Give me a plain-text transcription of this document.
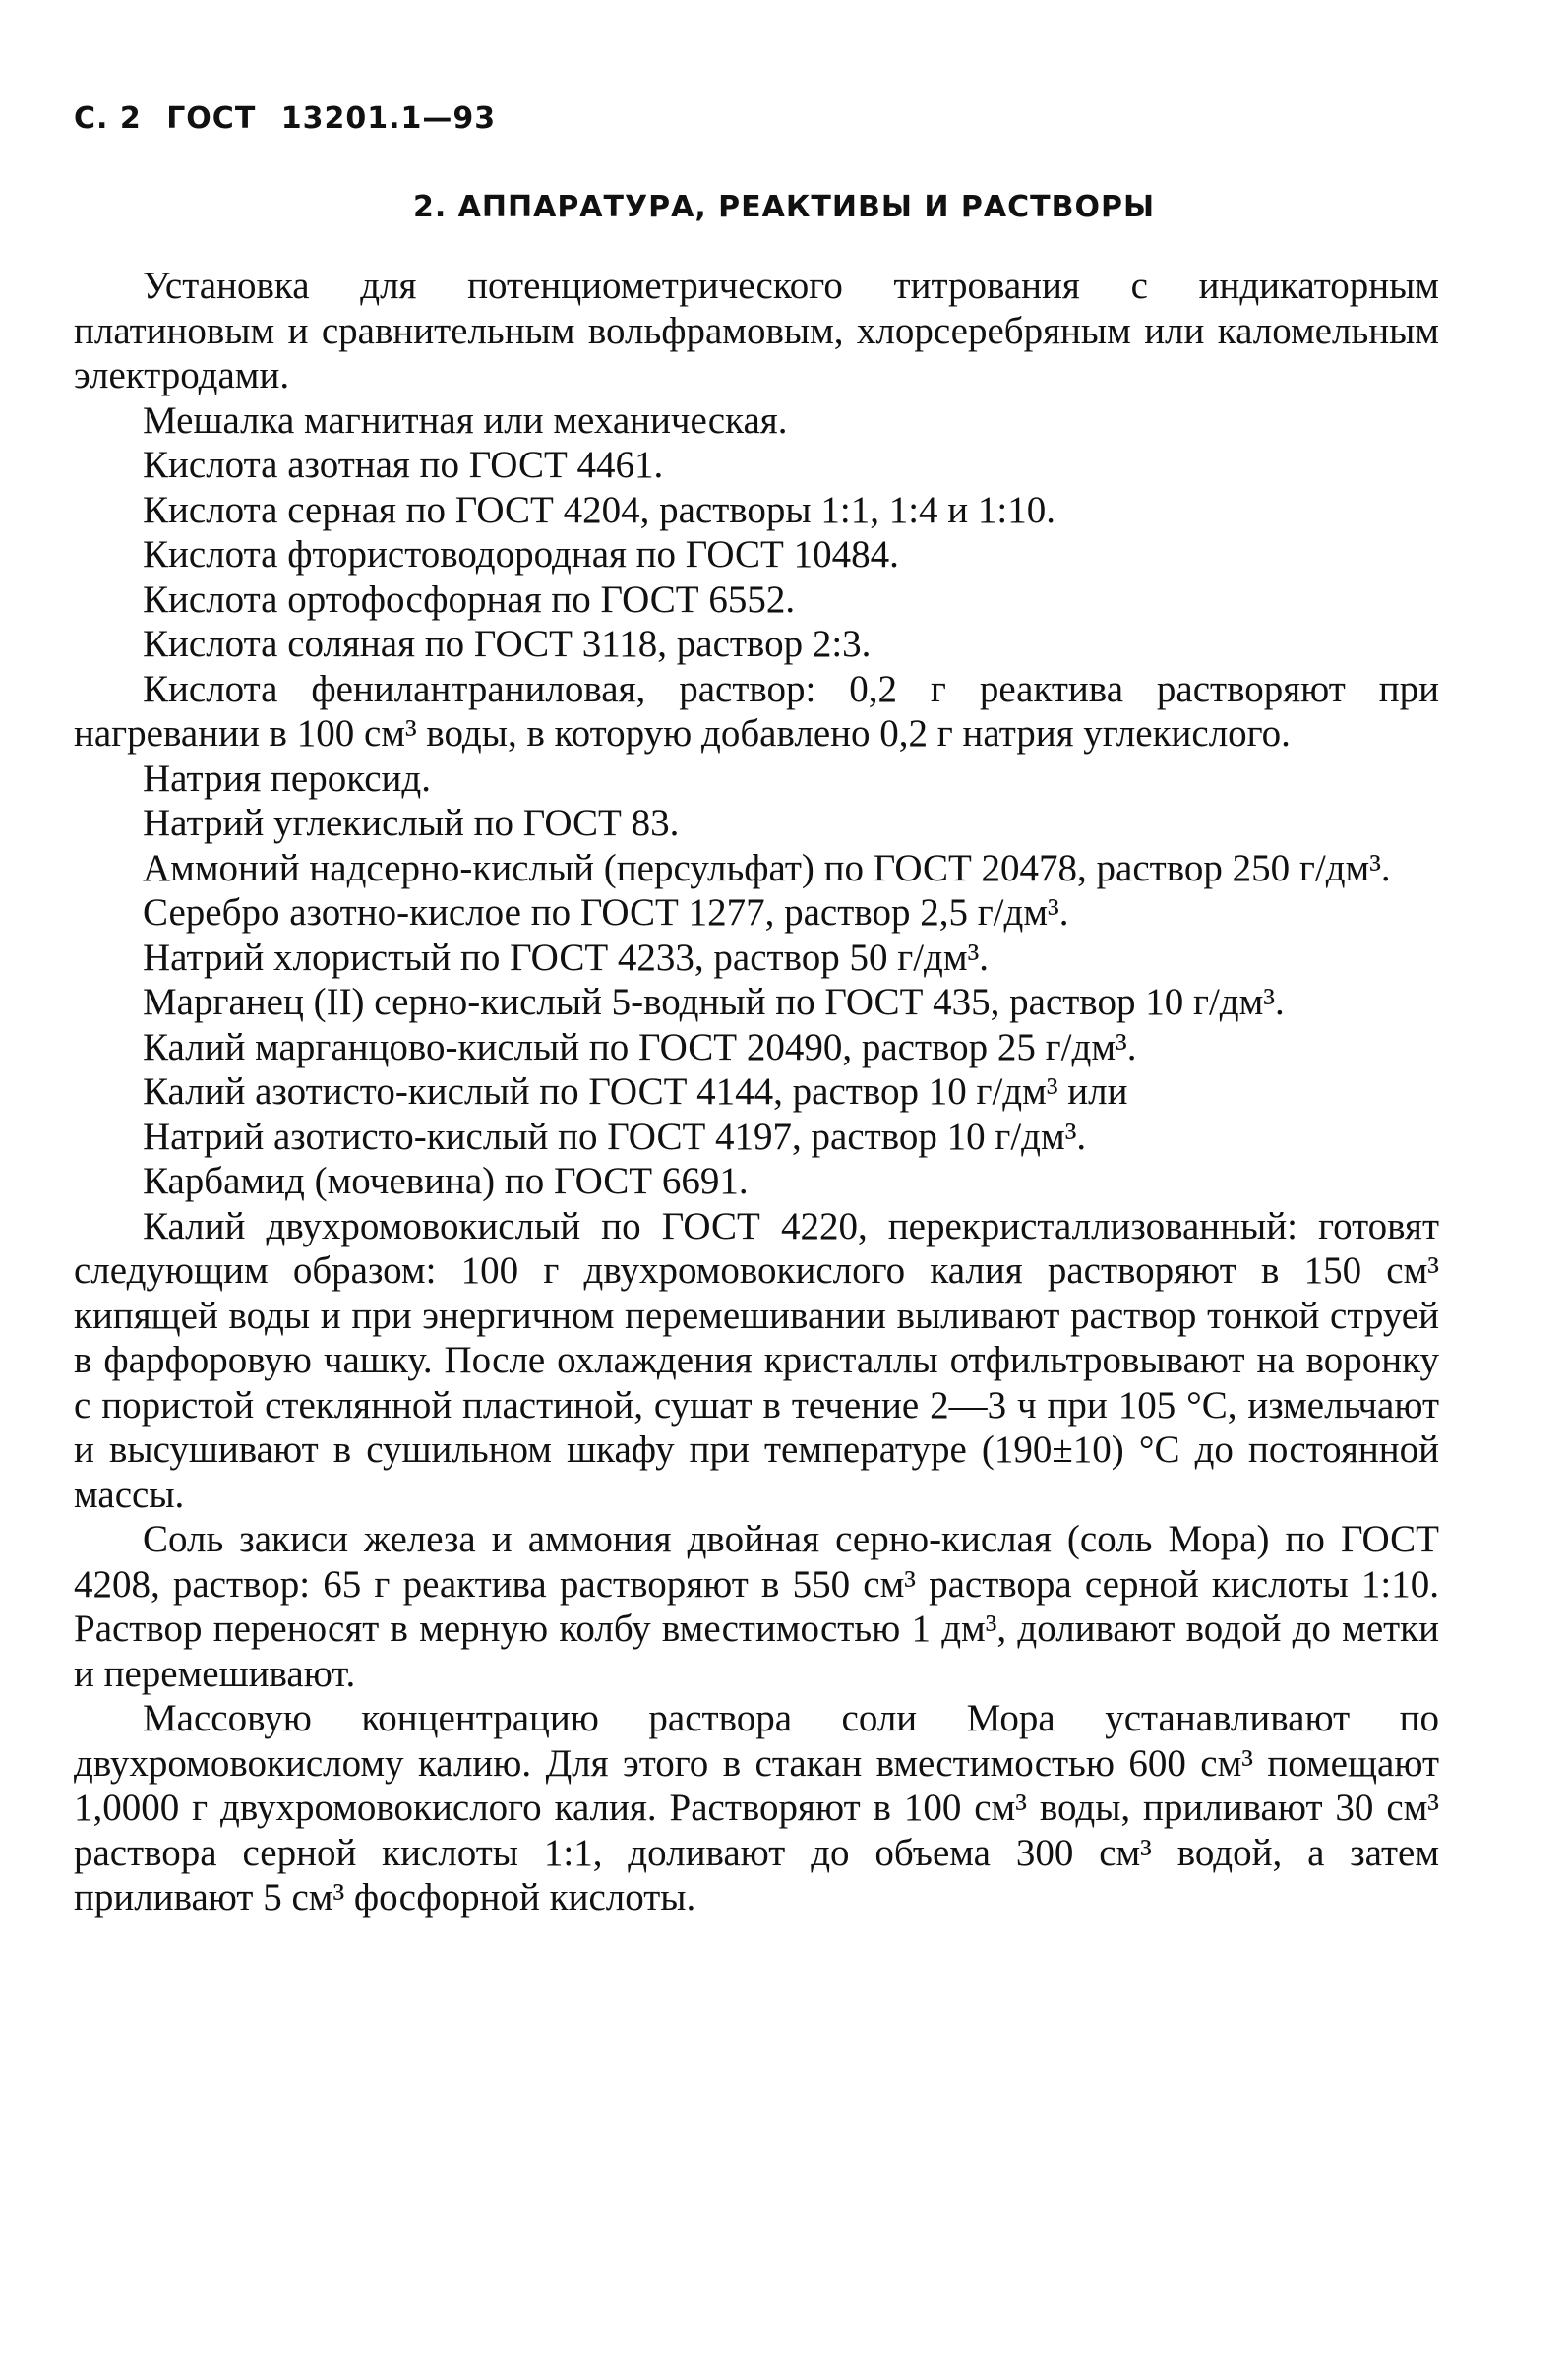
С. 2 ГОСТ 13201.1—93
2. АППАРАТУРА, РЕАКТИВЫ И РАСТВОРЫ

Установка для потенциометрического титрования с индикаторным платиновым и сравнительным вольфрамовым, хлорсеребряным или каломельным электродами.

Мешалка магнитная или механическая.

Кислота азотная по ГОСТ 4461.

Кислота серная по ГОСТ 4204, растворы 1:1, 1:4 и 1:10.

Кислота фтористоводородная по ГОСТ 10484.

Кислота ортофосфорная по ГОСТ 6552.

Кислота соляная по ГОСТ 3118, раствор 2:3.

Кислота фенилантраниловая, раствор: 0,2 г реактива растворяют при нагревании в 100 см³ воды, в которую добавлено 0,2 г натрия углекислого.

Натрия пероксид.

Натрий углекислый по ГОСТ 83.

Аммоний надсерно-кислый (персульфат) по ГОСТ 20478, раствор 250 г/дм³.

Серебро азотно-кислое по ГОСТ 1277, раствор 2,5 г/дм³.

Натрий хлористый по ГОСТ 4233, раствор 50 г/дм³.

Марганец (II) серно-кислый 5-водный по ГОСТ 435, раствор 10 г/дм³.

Калий марганцово-кислый по ГОСТ 20490, раствор 25 г/дм³.

Калий азотисто-кислый по ГОСТ 4144, раствор 10 г/дм³ или

Натрий азотисто-кислый по ГОСТ 4197, раствор 10 г/дм³.

Карбамид (мочевина) по ГОСТ 6691.

Калий двухромовокислый по ГОСТ 4220, перекристаллизованный: готовят следующим образом: 100 г двухромовокислого калия растворяют в 150 см³ кипящей воды и при энергичном перемешивании выливают раствор тонкой струей в фарфоровую чашку. После охлаждения кристаллы отфильтровывают на воронку с пористой стеклянной пластиной, сушат в течение 2—3 ч при 105 °С, измельчают и высушивают в сушильном шкафу при температуре (190±10) °С до постоянной массы.

Соль закиси железа и аммония двойная серно-кислая (соль Мора) по ГОСТ 4208, раствор: 65 г реактива растворяют в 550 см³ раствора серной кислоты 1:10. Раствор переносят в мерную колбу вместимостью 1 дм³, доливают водой до метки и перемешивают.

Массовую концентрацию раствора соли Мора устанавливают по двухромовокислому калию. Для этого в стакан вместимостью 600 см³ помещают 1,0000 г двухромовокислого калия. Растворяют в 100 см³ воды, приливают 30 см³ раствора серной кислоты 1:1, доливают до объема 300 см³ водой, а затем приливают 5 см³ фосфорной кислоты.
